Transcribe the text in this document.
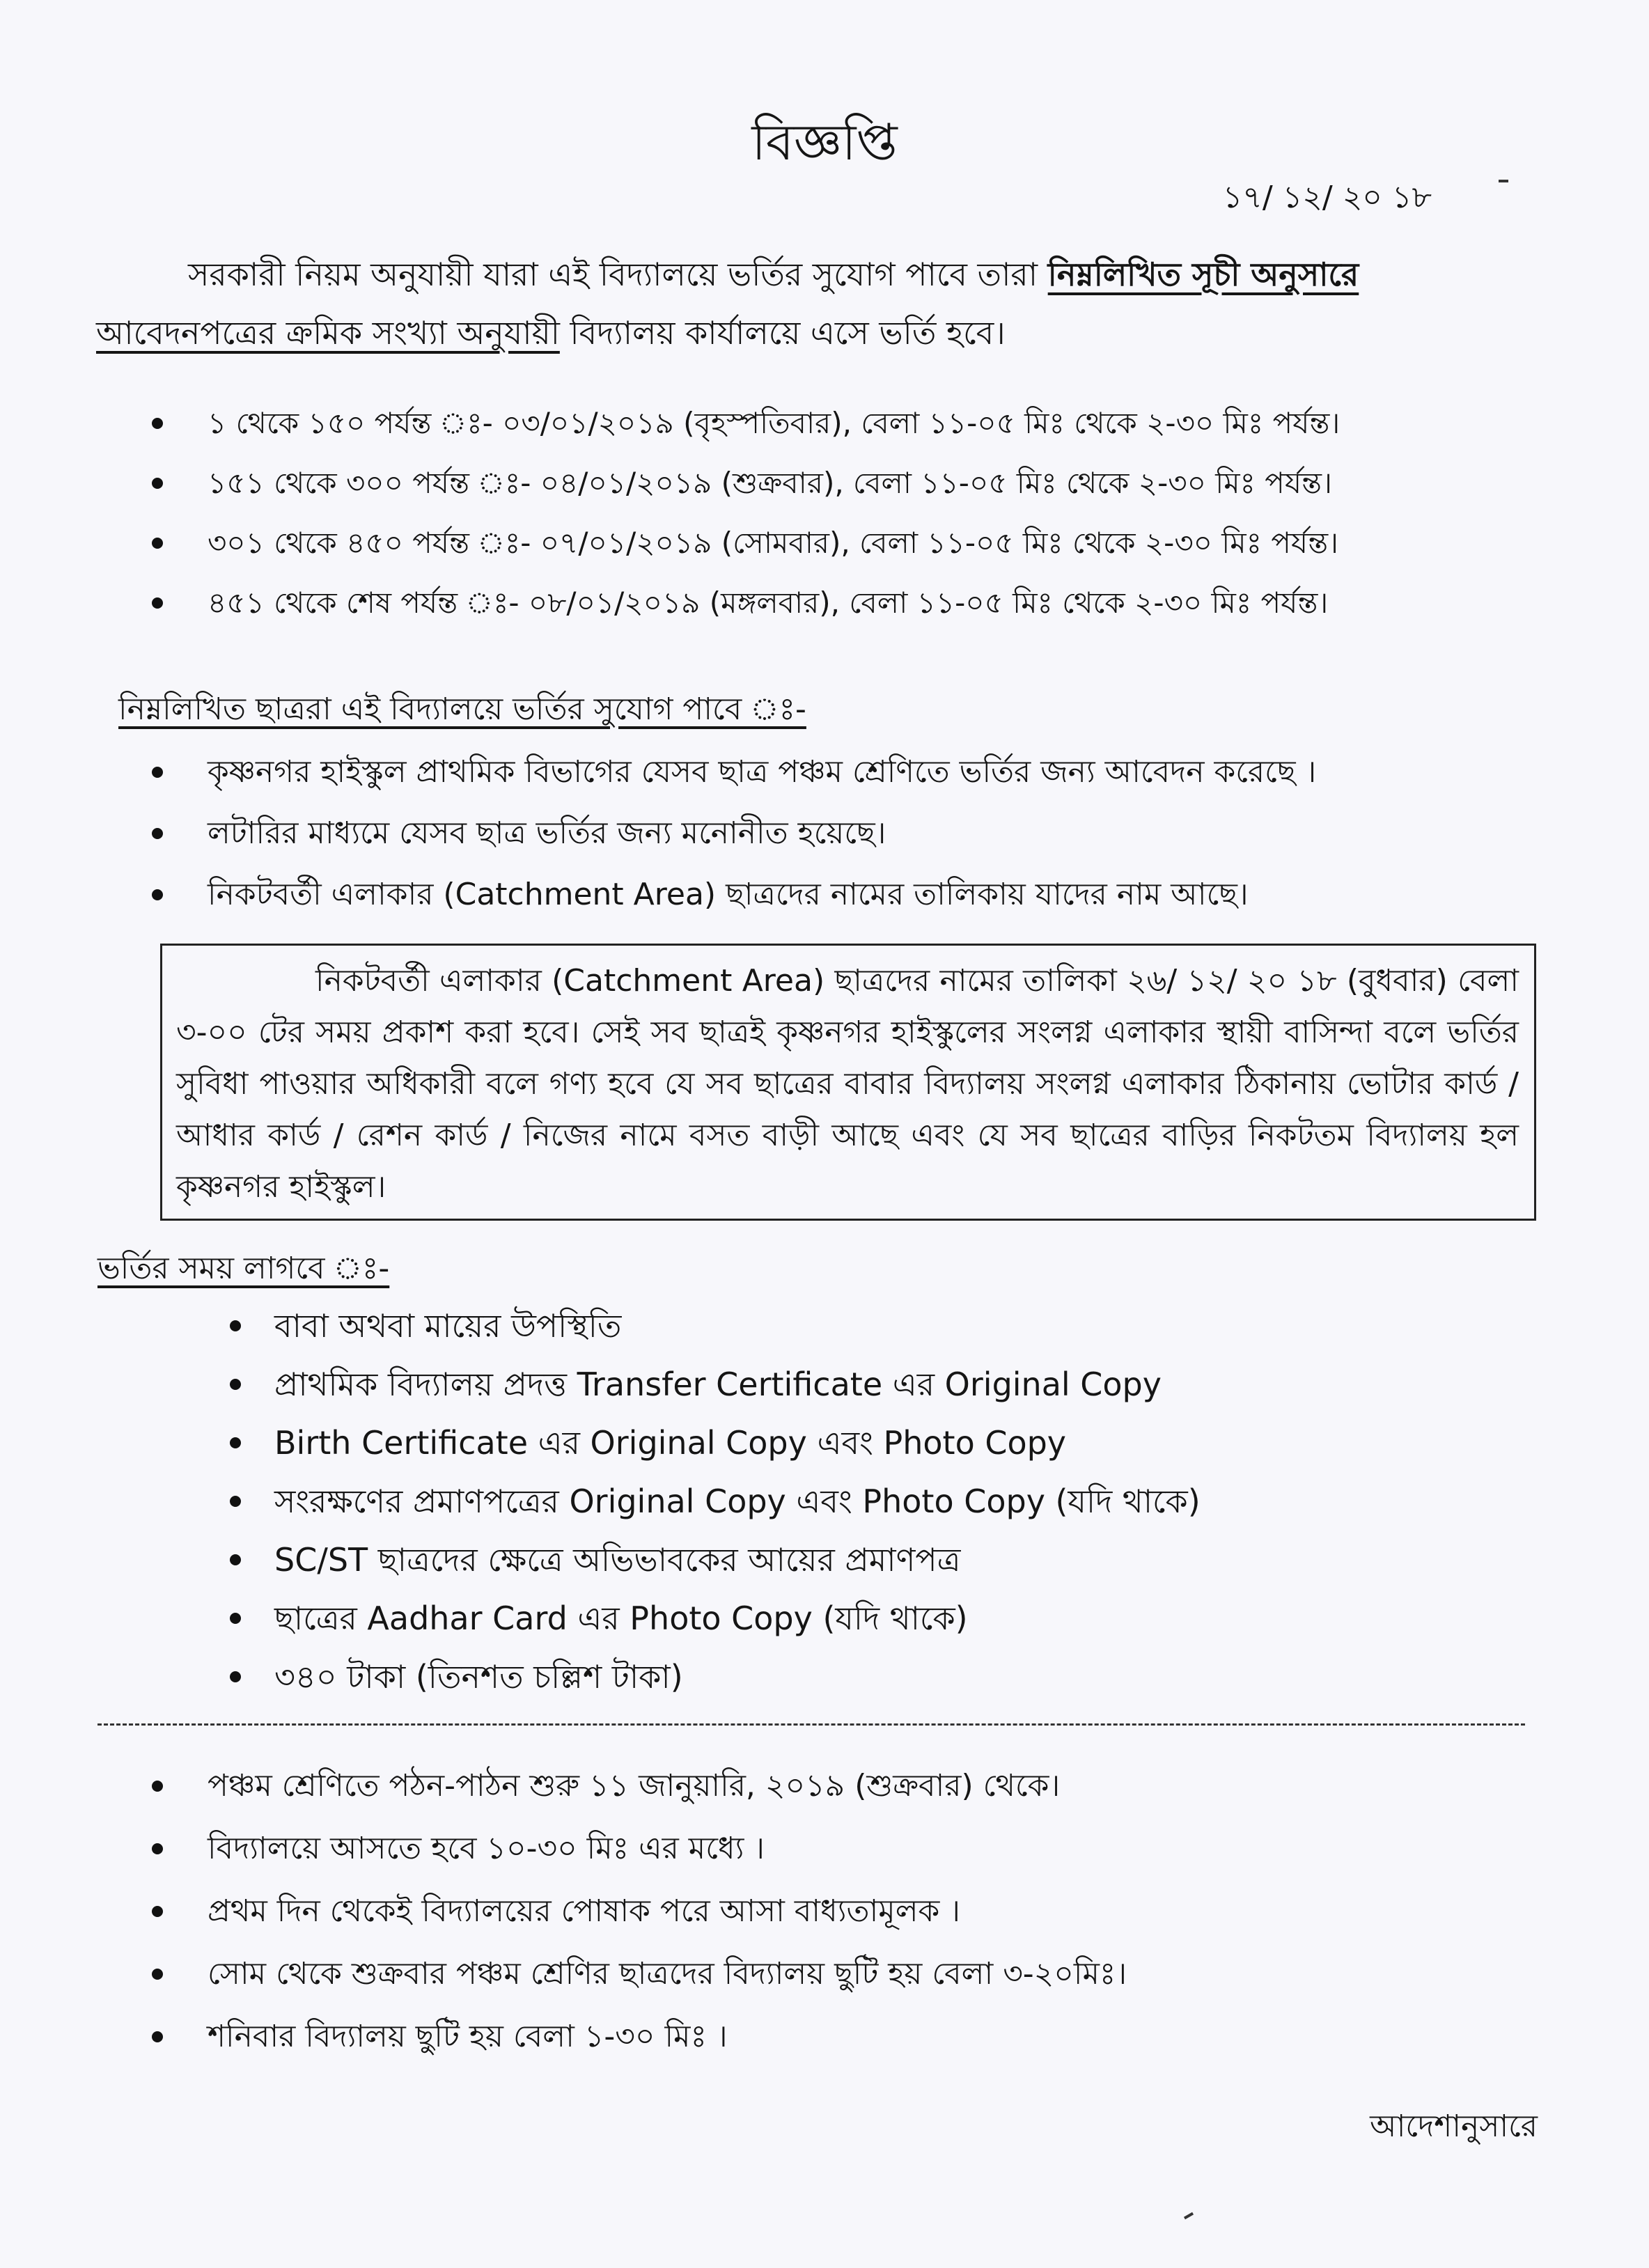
বিজ্ঞপ্তি
১৭/ ১২/ ২০ ১৮
সরকারী নিয়ম অনুযায়ী যারা এই বিদ্যালয়ে ভর্তির সুযোগ পাবে তারা নিম্নলিখিত সূচী অনুসারে
আবেদনপত্রের ক্রমিক সংখ্যা অনুযায়ী বিদ্যালয় কার্যালয়ে এসে ভর্তি হবে।
১ থেকে ১৫০ পর্যন্ত ঃ- ০৩/০১/২০১৯ (বৃহস্পতিবার), বেলা ১১-০৫ মিঃ থেকে ২-৩০ মিঃ পর্যন্ত।
১৫১ থেকে ৩০০ পর্যন্ত ঃ- ০৪/০১/২০১৯ (শুক্রবার), বেলা ১১-০৫ মিঃ থেকে ২-৩০ মিঃ পর্যন্ত।
৩০১ থেকে ৪৫০ পর্যন্ত ঃ- ০৭/০১/২০১৯ (সোমবার), বেলা ১১-০৫ মিঃ থেকে ২-৩০ মিঃ পর্যন্ত।
৪৫১ থেকে শেষ পর্যন্ত ঃ- ০৮/০১/২০১৯ (মঙ্গলবার), বেলা ১১-০৫ মিঃ থেকে ২-৩০ মিঃ পর্যন্ত।
নিম্নলিখিত ছাত্ররা এই বিদ্যালয়ে ভর্তির সুযোগ পাবে ঃ-
কৃষ্ণনগর হাইস্কুল প্রাথমিক বিভাগের যেসব ছাত্র পঞ্চম শ্রেণিতে ভর্তির জন্য আবেদন করেছে ।
লটারির মাধ্যমে যেসব ছাত্র ভর্তির জন্য মনোনীত হয়েছে।
নিকটবর্তী এলাকার (Catchment Area) ছাত্রদের নামের তালিকায় যাদের নাম আছে।

নিকটবর্তী এলাকার (Catchment Area) ছাত্রদের নামের তালিকা ২৬/ ১২/ ২০ ১৮ (বুধবার) বেলা ৩-০০ টের সময় প্রকাশ করা হবে। সেই সব ছাত্রই কৃষ্ণনগর হাইস্কুলের সংলগ্ন এলাকার স্থায়ী বাসিন্দা বলে ভর্তির সুবিধা পাওয়ার অধিকারী বলে গণ্য হবে যে সব ছাত্রের বাবার বিদ্যালয় সংলগ্ন এলাকার ঠিকানায় ভোটার কার্ড / আধার কার্ড / রেশন কার্ড / নিজের নামে বসত বাড়ী আছে এবং যে সব ছাত্রের বাড়ির নিকটতম বিদ্যালয় হল কৃষ্ণনগর হাইস্কুল।

ভর্তির সময় লাগবে ঃ-
বাবা অথবা মায়ের উপস্থিতি
প্রাথমিক বিদ্যালয় প্রদত্ত Transfer Certificate এর Original Copy
Birth Certificate এর Original Copy এবং Photo Copy
সংরক্ষণের প্রমাণপত্রের Original Copy এবং Photo Copy (যদি থাকে)
SC/ST ছাত্রদের ক্ষেত্রে অভিভাবকের আয়ের প্রমাণপত্র
ছাত্রের Aadhar Card এর Photo Copy (যদি থাকে)
৩৪০ টাকা (তিনশত চল্লিশ টাকা)
পঞ্চম শ্রেণিতে পঠন-পাঠন শুরু ১১ জানুয়ারি, ২০১৯ (শুক্রবার) থেকে।
বিদ্যালয়ে আসতে হবে ১০-৩০ মিঃ এর মধ্যে ।
প্রথম দিন থেকেই বিদ্যালয়ের পোষাক পরে আসা বাধ্যতামূলক ।
সোম থেকে শুক্রবার পঞ্চম শ্রেণির ছাত্রদের বিদ্যালয় ছুটি হয় বেলা ৩-২০মিঃ।
শনিবার বিদ্যালয় ছুটি হয় বেলা ১-৩০ মিঃ ।
আদেশানুসারে
